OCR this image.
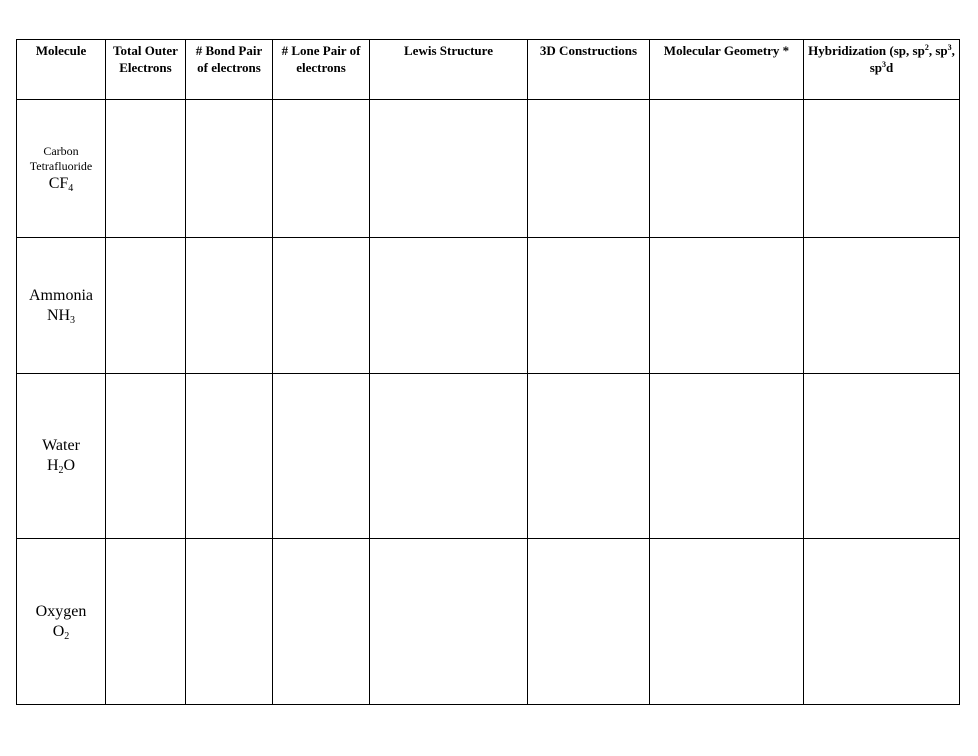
Molecule	Total Outer Electrons	# Bond Pair of electrons	# Lone Pair of electrons	Lewis Structure	3D Constructions	Molecular Geometry *	Hybridization (sp, $sp^2$, $sp^3$, $sp^3d$

Carbon Tetrafluoride
$CF_4$

Ammonia
$NH_3$

Water
$H_2O$							

Oxygen
$O_2$
